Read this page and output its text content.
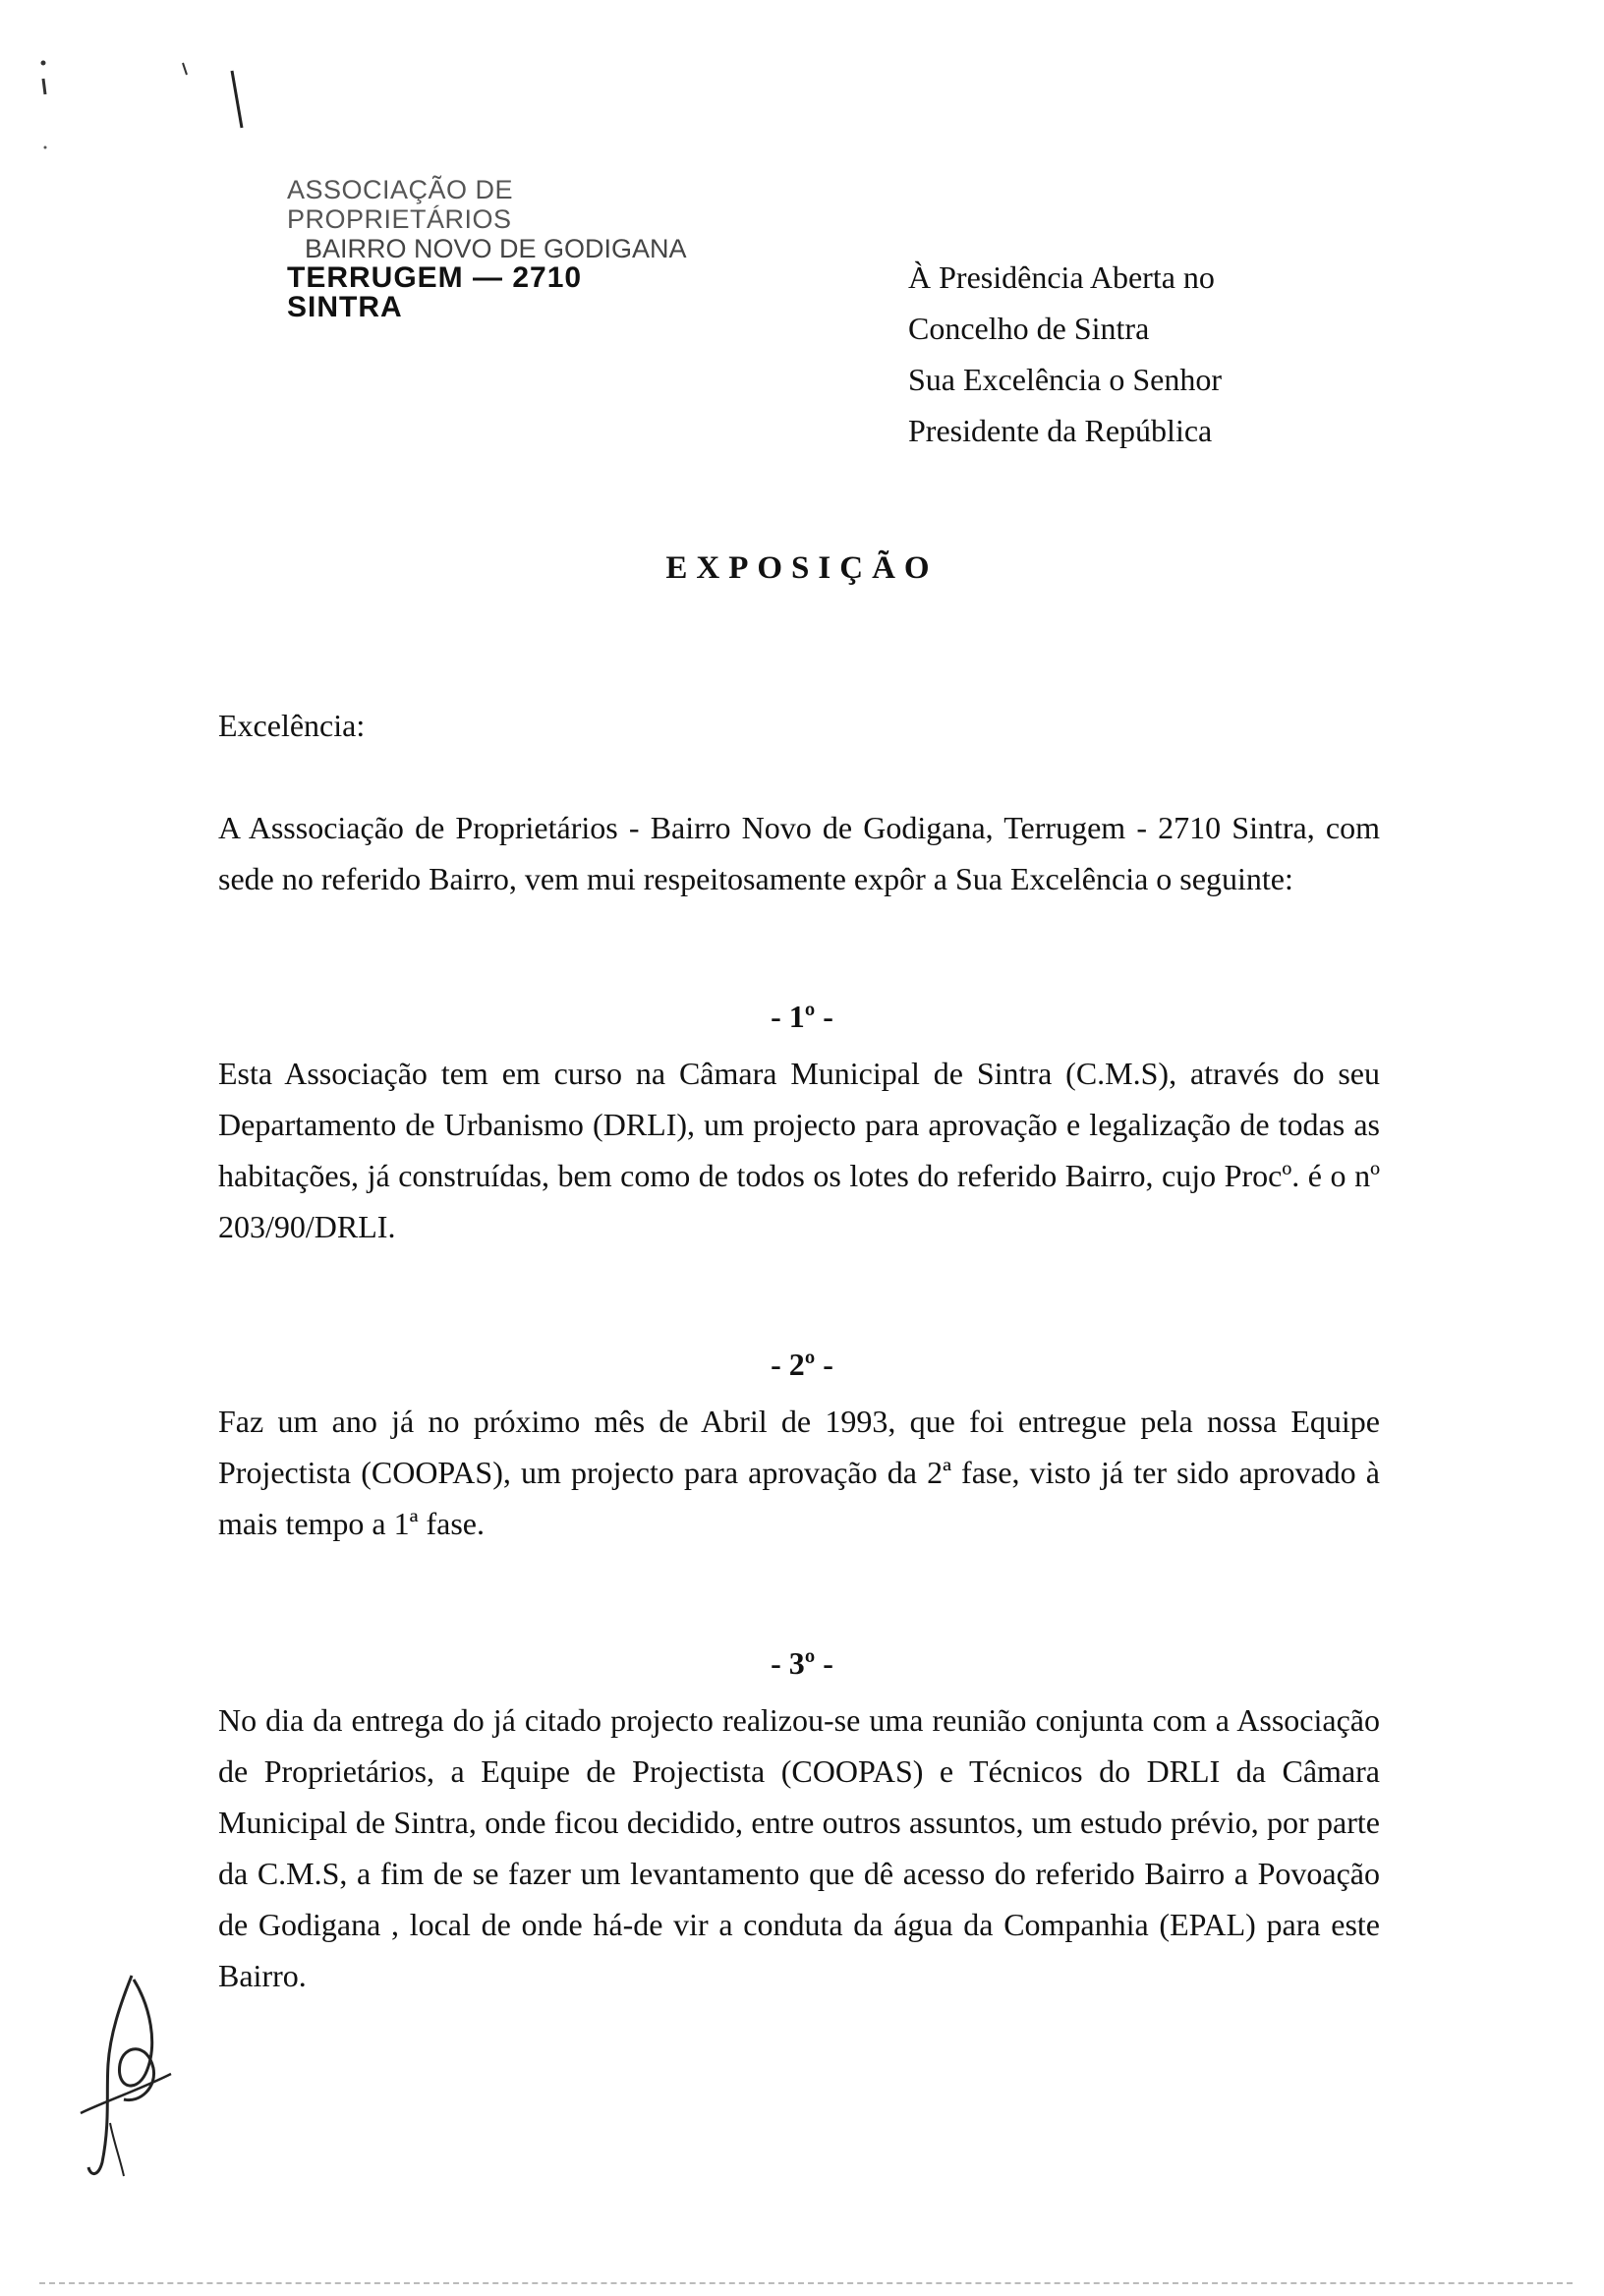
ASSOCIAÇÃO DE PROPRIETÁRIOS
BAIRRO NOVO DE GODIGANA
TERRUGEM — 2710 SINTRA
À Presidência Aberta no
Concelho de Sintra
Sua Excelência o Senhor
Presidente da República
EXPOSIÇÃO
Excelência:
A Asssociação de Proprietários - Bairro Novo de Godigana, Terrugem - 2710 Sintra, com sede no referido Bairro, vem mui respeitosamente expôr a Sua Excelência o seguinte:
- 1º -
Esta Associação tem em curso na Câmara Municipal de Sintra (C.M.S), através do seu Departamento de Urbanismo (DRLI), um projecto para aprovação e legalização de todas as habitações, já construídas, bem como de todos os lotes do referido Bairro, cujo Procº. é o nº 203/90/DRLI.
- 2º -
Faz um ano já no próximo mês de Abril de 1993, que foi entregue pela nossa Equipe Projectista (COOPAS), um projecto para aprovação da 2ª fase, visto já ter sido aprovado à mais tempo a 1ª fase.
- 3º -
No dia da entrega do já citado projecto realizou-se uma reunião conjunta com a Associação de Proprietários, a Equipe de Projectista (COOPAS) e Técnicos do DRLI da Câmara Municipal de Sintra, onde ficou decidido, entre outros assuntos, um estudo prévio, por parte da C.M.S, a fim de se fazer um levantamento que dê acesso do referido Bairro a Povoação de Godigana , local de onde há-de vir a conduta da água da Companhia (EPAL) para este Bairro.
